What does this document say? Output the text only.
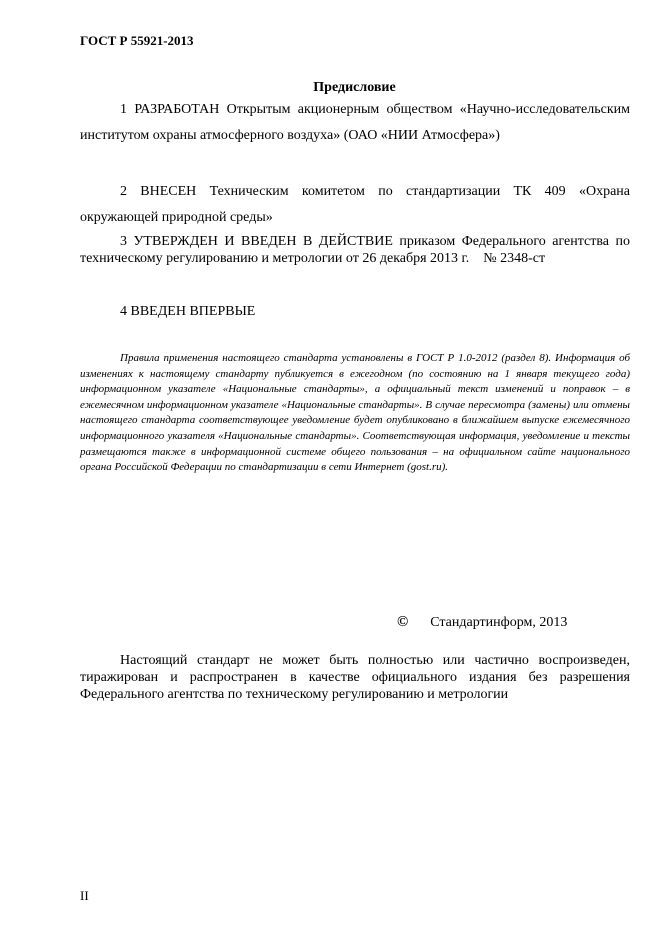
ГОСТ Р 55921-2013
Предисловие

1 РАЗРАБОТАН Открытым акционерным обществом «Научно-исследовательским институтом охраны атмосферного воздуха» (ОАО «НИИ Атмосфера»)

2 ВНЕСЕН Техническим комитетом по стандартизации ТК 409 «Охрана окружающей природной среды»

3 УТВЕРЖДЕН И ВВЕДЕН В ДЕЙСТВИЕ приказом Федерального агентства по техническому регулированию и метрологии от 26 декабря 2013 г.    № 2348-ст

4 ВВЕДЕН ВПЕРВЫЕ

Правила применения настоящего стандарта установлены в ГОСТ Р 1.0-2012 (раздел 8). Информация об изменениях к настоящему стандарту публикуется в ежегодном (по состоянию на 1 января текущего года) информационном указателе «Национальные стандарты», а официальный текст изменений и поправок – в ежемесячном информационном указателе «Национальные стандарты». В случае пересмотра (замены) или отмены настоящего стандарта соответствующее уведомление будет опубликовано в ближайшем выпуске ежемесячного информационного указателя «Национальные стандарты». Соответствующая информация, уведомление и тексты размещаются также в информационной системе общего пользования – на официальном сайте национального органа Российской Федерации по стандартизации в сети Интернет (gost.ru).

© Стандартинформ, 2013

Настоящий стандарт не может быть полностью или частично воспроизведен, тиражирован и распространен в качестве официального издания без разрешения Федерального агентства по техническому регулированию и метрологии

II
